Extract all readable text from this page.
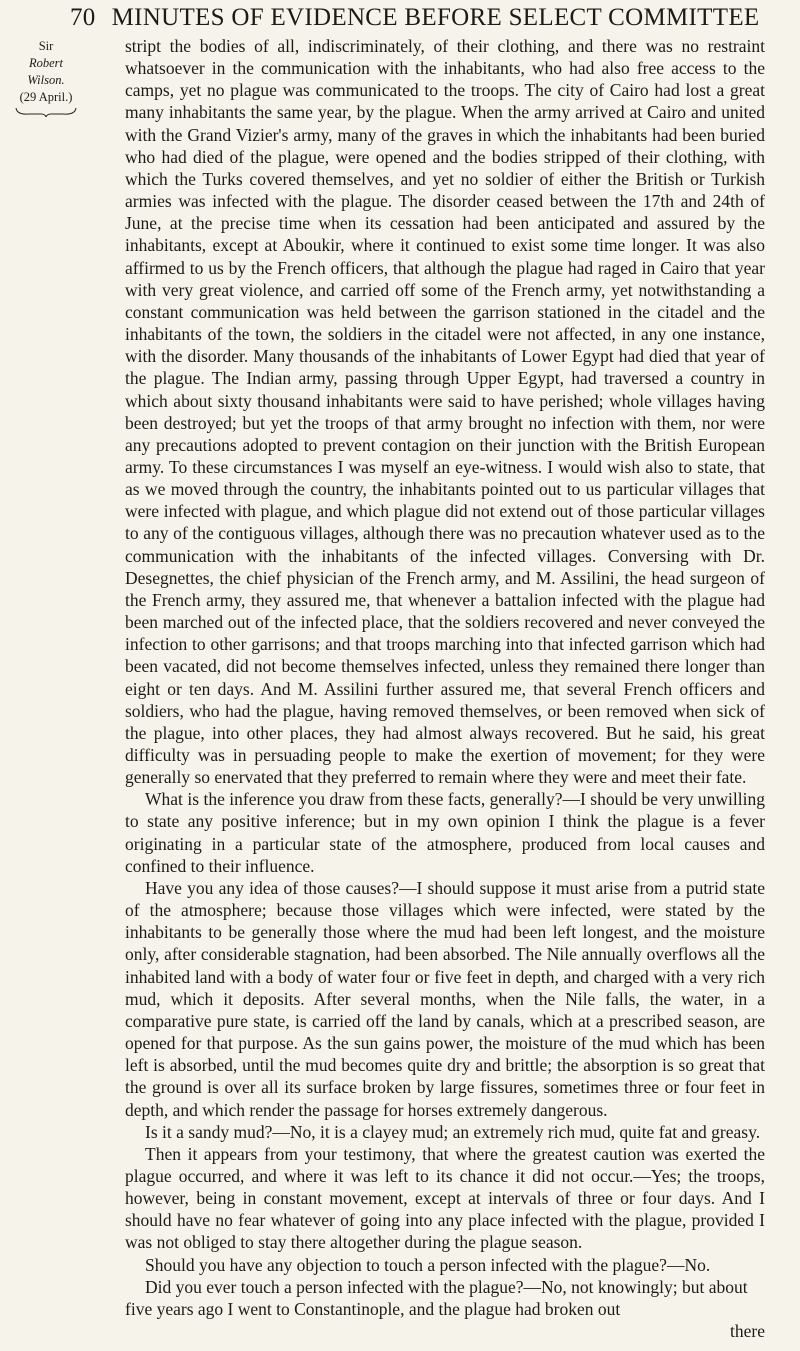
70 MINUTES OF EVIDENCE BEFORE SELECT COMMITTEE
Sir
Robert Wilson.
(29 April.)

stript the bodies of all, indiscriminately, of their clothing, and there was no restraint whatsoever in the communication with the inhabitants, who had also free access to the camps, yet no plague was communicated to the troops. The city of Cairo had lost a great many inhabitants the same year, by the plague. When the army arrived at Cairo and united with the Grand Vizier's army, many of the graves in which the inhabitants had been buried who had died of the plague, were opened and the bodies stripped of their clothing, with which the Turks covered themselves, and yet no soldier of either the British or Turkish armies was infected with the plague. The disorder ceased between the 17th and 24th of June, at the precise time when its cessation had been anticipated and assured by the inhabitants, except at Aboukir, where it continued to exist some time longer. It was also affirmed to us by the French officers, that although the plague had raged in Cairo that year with very great violence, and carried off some of the French army, yet notwithstanding a constant communication was held between the garrison stationed in the citadel and the inhabitants of the town, the soldiers in the citadel were not affected, in any one instance, with the disorder. Many thousands of the inhabitants of Lower Egypt had died that year of the plague. The Indian army, passing through Upper Egypt, had traversed a country in which about sixty thousand inhabitants were said to have perished; whole villages having been destroyed; but yet the troops of that army brought no infection with them, nor were any precautions adopted to prevent contagion on their junction with the British European army. To these circumstances I was myself an eye-witness. I would wish also to state, that as we moved through the country, the inhabitants pointed out to us particular villages that were infected with plague, and which plague did not extend out of those particular villages to any of the contiguous villages, although there was no precaution whatever used as to the communication with the inhabitants of the infected villages. Conversing with Dr. Desegnettes, the chief physician of the French army, and M. Assilini, the head surgeon of the French army, they assured me, that whenever a battalion infected with the plague had been marched out of the infected place, that the soldiers recovered and never conveyed the infection to other garrisons; and that troops marching into that infected garrison which had been vacated, did not become themselves infected, unless they remained there longer than eight or ten days. And M. Assilini further assured me, that several French officers and soldiers, who had the plague, having removed themselves, or been removed when sick of the plague, into other places, they had almost always recovered. But he said, his great difficulty was in persuading people to make the exertion of movement; for they were generally so enervated that they preferred to remain where they were and meet their fate.

What is the inference you draw from these facts, generally?—I should be very unwilling to state any positive inference; but in my own opinion I think the plague is a fever originating in a particular state of the atmosphere, produced from local causes and confined to their influence.

Have you any idea of those causes?—I should suppose it must arise from a putrid state of the atmosphere; because those villages which were infected, were stated by the inhabitants to be generally those where the mud had been left longest, and the moisture only, after considerable stagnation, had been absorbed. The Nile annually overflows all the inhabited land with a body of water four or five feet in depth, and charged with a very rich mud, which it deposits. After several months, when the Nile falls, the water, in a comparative pure state, is carried off the land by canals, which at a prescribed season, are opened for that purpose. As the sun gains power, the moisture of the mud which has been left is absorbed, until the mud becomes quite dry and brittle; the absorption is so great that the ground is over all its surface broken by large fissures, sometimes three or four feet in depth, and which render the passage for horses extremely dangerous.

Is it a sandy mud?—No, it is a clayey mud; an extremely rich mud, quite fat and greasy.

Then it appears from your testimony, that where the greatest caution was exerted the plague occurred, and where it was left to its chance it did not occur.—Yes; the troops, however, being in constant movement, except at intervals of three or four days. And I should have no fear whatever of going into any place infected with the plague, provided I was not obliged to stay there altogether during the plague season.

Should you have any objection to touch a person infected with the plague?—No.

Did you ever touch a person infected with the plague?—No, not knowingly; but about five years ago I went to Constantinople, and the plague had broken out

there
